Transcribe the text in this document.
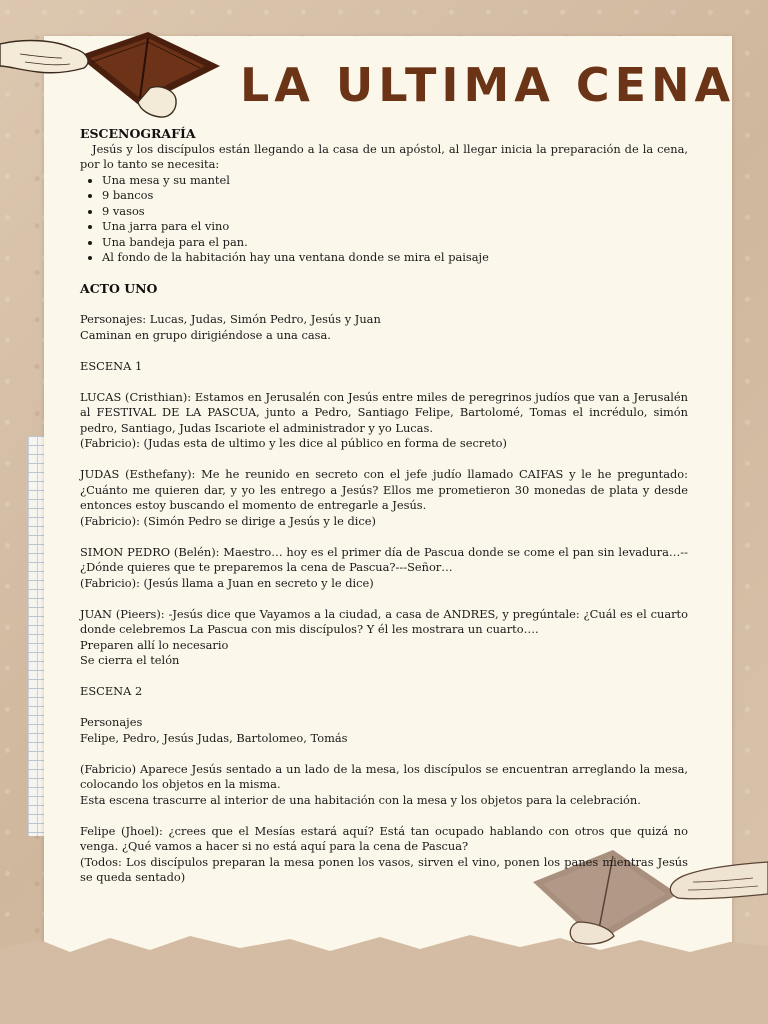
LA ULTIMA CENA

ESCENOGRAFÍA

Jesús y los discípulos están llegando a la casa de un apóstol, al llegar inicia la preparación de la cena, por lo tanto se necesita:

• Una mesa y su mantel
• 9 bancos
• 9 vasos
• Una jarra para el vino
• Una bandeja para el pan.
• Al fondo de la habitación hay una ventana donde se mira el paisaje

ACTO UNO

Personajes: Lucas, Judas, Simón Pedro, Jesús y Juan

Caminan en grupo dirigiéndose a una casa.

ESCENA 1

LUCAS (Cristhian): Estamos en Jerusalén con Jesús entre miles de peregrinos judíos que van a Jerusalén al FESTIVAL DE LA PASCUA, junto a Pedro, Santiago Felipe, Bartolomé, Tomas el incrédulo, simón pedro, Santiago, Judas Iscariote el administrador y yo Lucas.

(Fabricio): (Judas esta de ultimo y les dice al público en forma de secreto)

JUDAS (Esthefany): Me he reunido en secreto con el jefe judío llamado CAIFAS y le he preguntado: ¿Cuánto me quieren dar, y yo les entrego a Jesús? Ellos me prometieron 30 monedas de plata y desde entonces estoy buscando el momento de entregarle a Jesús.

(Fabricio): (Simón Pedro se dirige a Jesús y le dice)

SIMON PEDRO (Belén): Maestro… hoy es el primer día de Pascua donde se come el pan sin levadura…-- ¿Dónde quieres que te preparemos la cena de Pascua?---Señor…

(Fabricio): (Jesús llama a Juan en secreto y le dice)

JUAN (Pieers): -Jesús dice que Vayamos a la ciudad, a casa de ANDRES, y pregúntale: ¿Cuál es el cuarto donde celebremos La Pascua con mis discípulos? Y él les mostrara un cuarto….

Preparen allí lo necesario

Se cierra el telón

ESCENA 2

Personajes

Felipe, Pedro, Jesús Judas, Bartolomeo, Tomás

(Fabricio) Aparece Jesús sentado a un lado de la mesa, los discípulos se encuentran arreglando la mesa, colocando los objetos en la misma.

Esta escena trascurre al interior de una habitación con la mesa y los objetos para la celebración.

Felipe (Jhoel): ¿crees que el Mesías estará aquí? Está tan ocupado hablando con otros que quizá no venga. ¿Qué vamos a hacer si no está aquí para la cena de Pascua?

(Todos: Los discípulos preparan la mesa ponen los vasos, sirven el vino, ponen los panes mientras Jesús se queda sentado)
